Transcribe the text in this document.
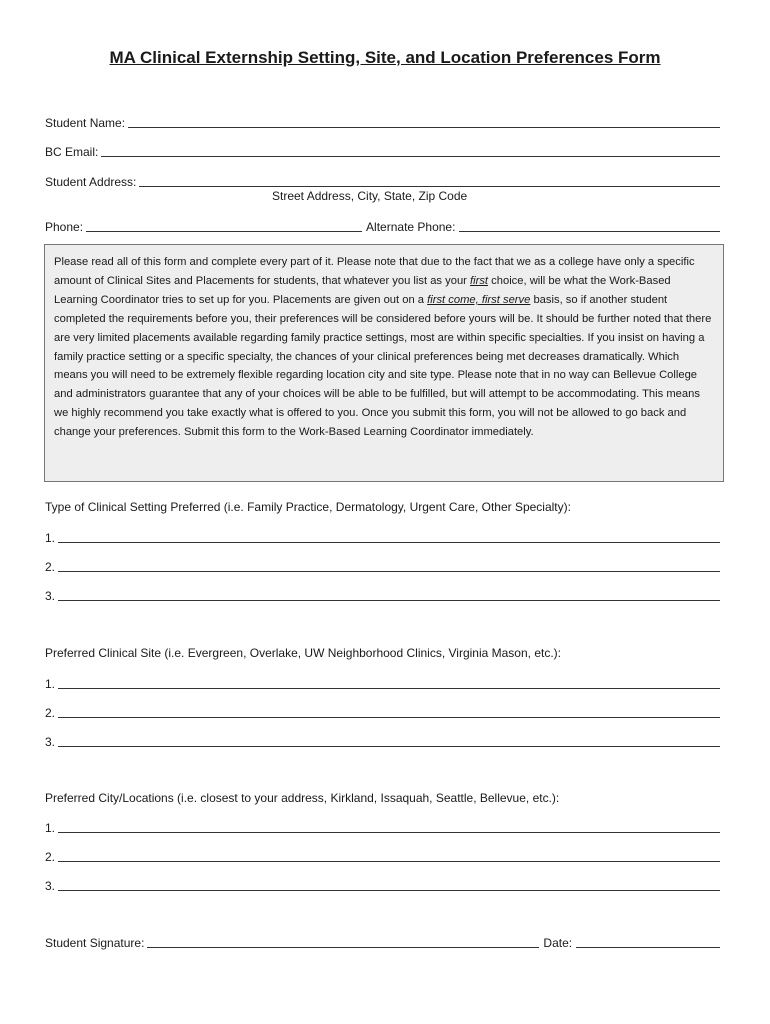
MA Clinical Externship Setting, Site, and Location Preferences Form
Student Name:
BC Email:
Student Address:
Street Address, City, State, Zip Code
Phone:	Alternate Phone:

Please read all of this form and complete every part of it. Please note that due to the fact that we as a college have only a specific amount of Clinical Sites and Placements for students, that whatever you list as your first choice, will be what the Work-Based Learning Coordinator tries to set up for you. Placements are given out on a first come, first serve basis, so if another student completed the requirements before you, their preferences will be considered before yours will be. It should be further noted that there are very limited placements available regarding family practice settings, most are within specific specialties. If you insist on having a family practice setting or a specific specialty, the chances of your clinical preferences being met decreases dramatically. Which means you will need to be extremely flexible regarding location city and site type. Please note that in no way can Bellevue College and administrators guarantee that any of your choices will be able to be fulfilled, but will attempt to be accommodating. This means we highly recommend you take exactly what is offered to you. Once you submit this form, you will not be allowed to go back and change your preferences. Submit this form to the Work-Based Learning Coordinator immediately.

Type of Clinical Setting Preferred (i.e. Family Practice, Dermatology, Urgent Care, Other Specialty):
1.
2.
3.
Preferred Clinical Site (i.e. Evergreen, Overlake, UW Neighborhood Clinics, Virginia Mason, etc.):
1.
2.
3.
Preferred City/Locations (i.e. closest to your address, Kirkland, Issaquah, Seattle, Bellevue, etc.):
1.
2.
3.
Student Signature:	Date:
